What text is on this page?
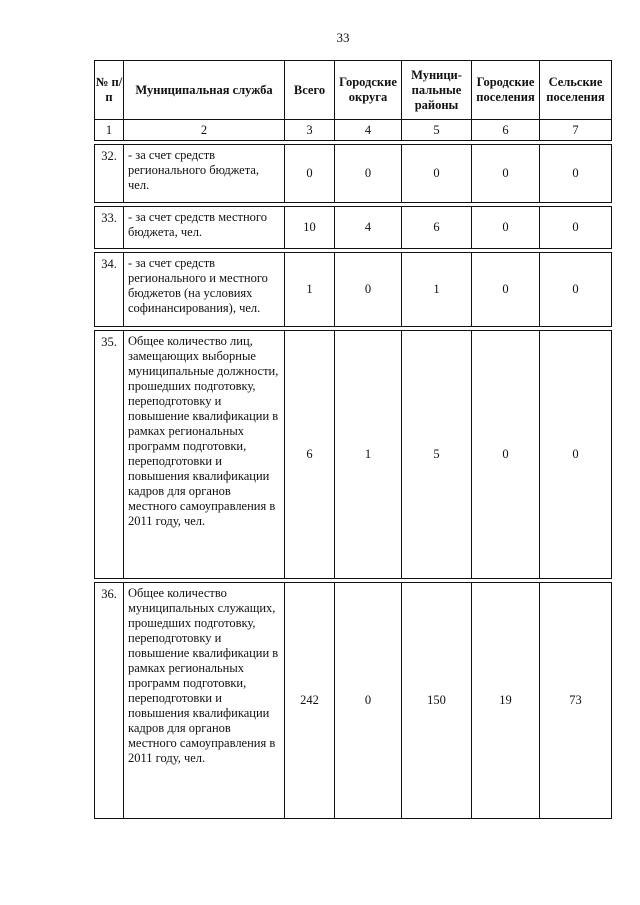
33
№ п/п	Муниципальная служба	Всего	Городские округа	Муници-пальные районы	Городские поселения	Сельские поселения
1	2	3	4	5	6	7

32.	- за счет средств регионального бюджета, чел.	0	0	0	0	0

33.	- за счет средств местного бюджета, чел.	10	4	6	0	0

34.	- за счет средств регионального и местного бюджетов (на условиях софинансирования), чел.	1	0	1	0	0

35.	Общее количество лиц, замещающих выборные муниципальные должности, прошедших подготовку, переподготовку и повышение квалификации в рамках региональных программ подготовки, переподготовки и повышения квалификации кадров для органов местного самоуправления в 2011 году, чел.	6	1	5	0	0

36.	Общее количество муниципальных служащих, прошедших подготовку, переподготовку и повышение квалификации в рамках региональных программ подготовки, переподготовки и повышения квалификации кадров для органов местного самоуправления в 2011 году, чел.	242	0	150	19	73
